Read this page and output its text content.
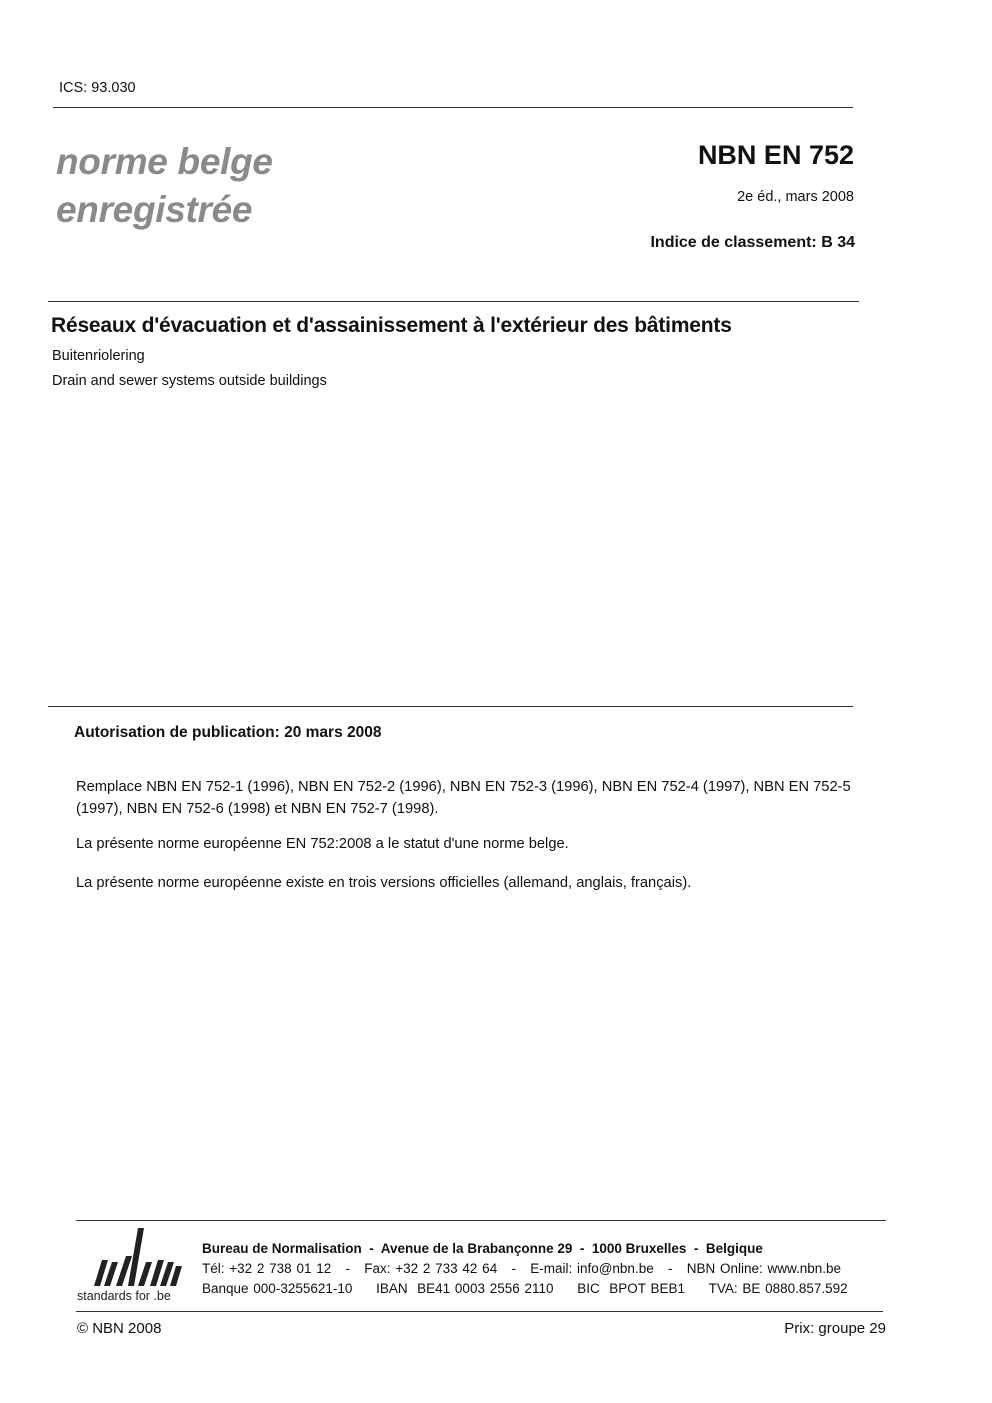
ICS: 93.030
norme belge
enregistrée
NBN EN 752
2e éd., mars 2008
Indice de classement: B 34
Réseaux d'évacuation et d'assainissement à l'extérieur des bâtiments
Buitenriolering
Drain and sewer systems outside buildings
Autorisation de publication: 20 mars 2008
Remplace NBN EN 752-1 (1996), NBN EN 752-2 (1996), NBN EN 752-3 (1996), NBN EN 752-4 (1997), NBN EN 752-5 (1997), NBN EN 752-6 (1998) et NBN EN 752-7 (1998).
La présente norme européenne EN 752:2008 a le statut d'une norme belge.
La présente norme européenne existe en trois versions officielles (allemand, anglais, français).
standards for .be
Bureau de Normalisation  -  Avenue de la Brabançonne 29  -  1000 Bruxelles  -  Belgique
Tél: +32 2 738 01 12   -   Fax: +32 2 733 42 64   -   E-mail: info@nbn.be   -   NBN Online: www.nbn.be
Banque 000-3255621-10     IBAN  BE41 0003 2556 2110     BIC  BPOT BEB1     TVA: BE 0880.857.592
© NBN 2008	Prix: groupe 29
